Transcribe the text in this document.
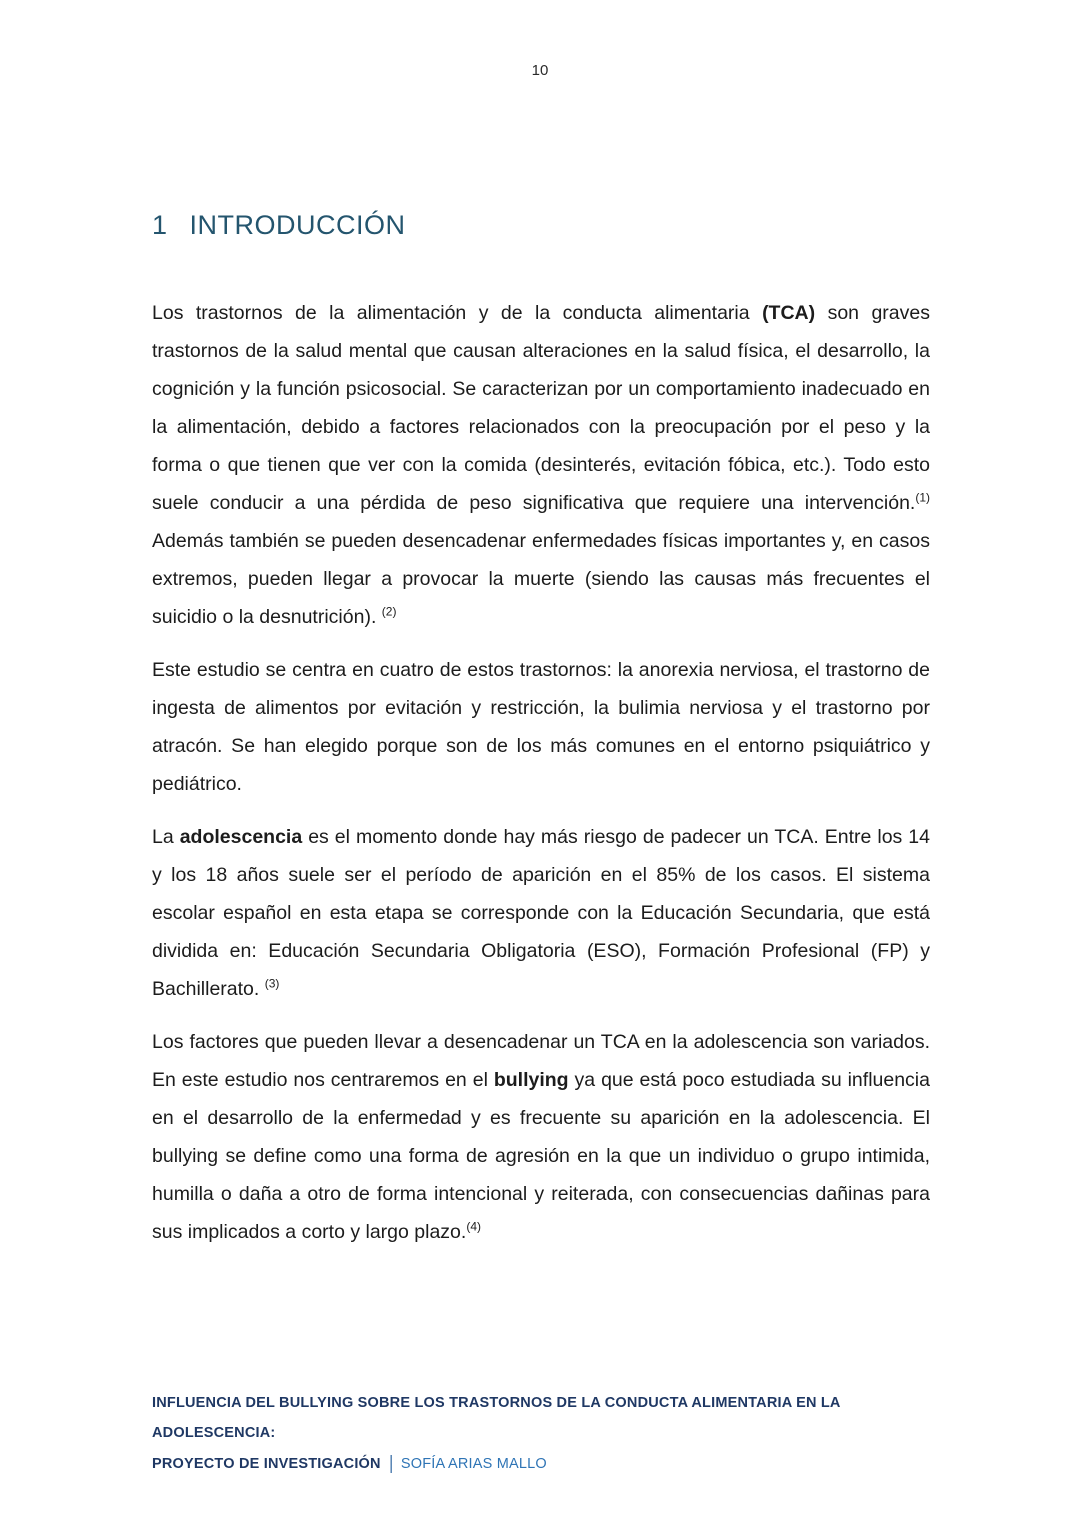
10
1 INTRODUCCIÓN

Los trastornos de la alimentación y de la conducta alimentaria (TCA) son graves trastornos de la salud mental que causan alteraciones en la salud física, el desarrollo, la cognición y la función psicosocial. Se caracterizan por un comportamiento inadecuado en la alimentación, debido a factores relacionados con la preocupación por el peso y la forma o que tienen que ver con la comida (desinterés, evitación fóbica, etc.). Todo esto suele conducir a una pérdida de peso significativa que requiere una intervención.$^{(1)}$ Además también se pueden desencadenar enfermedades físicas importantes y, en casos extremos, pueden llegar a provocar la muerte (siendo las causas más frecuentes el suicidio o la desnutrición). $^{(2)}$

Este estudio se centra en cuatro de estos trastornos: la anorexia nerviosa, el trastorno de ingesta de alimentos por evitación y restricción, la bulimia nerviosa y el trastorno por atracón. Se han elegido porque son de los más comunes en el entorno psiquiátrico y pediátrico.

La adolescencia es el momento donde hay más riesgo de padecer un TCA. Entre los 14 y los 18 años suele ser el período de aparición en el 85% de los casos. El sistema escolar español en esta etapa se corresponde con la Educación Secundaria, que está dividida en: Educación Secundaria Obligatoria (ESO), Formación Profesional (FP) y Bachillerato. $^{(3)}$

Los factores que pueden llevar a desencadenar un TCA en la adolescencia son variados. En este estudio nos centraremos en el bullying ya que está poco estudiada su influencia en el desarrollo de la enfermedad y es frecuente su aparición en la adolescencia. El bullying se define como una forma de agresión en la que un individuo o grupo intimida, humilla o daña a otro de forma intencional y reiterada, con consecuencias dañinas para sus implicados a corto y largo plazo.$^{(4)}$

INFLUENCIA DEL BULLYING SOBRE LOS TRASTORNOS DE LA CONDUCTA ALIMENTARIA EN LA ADOLESCENCIA:
PROYECTO DE INVESTIGACIÓN | SOFÍA ARIAS MALLO
